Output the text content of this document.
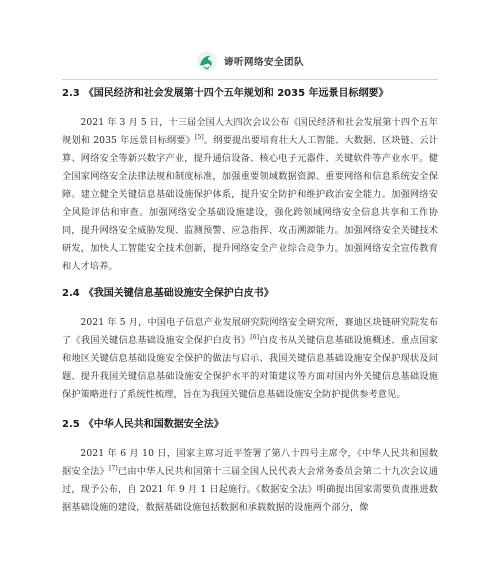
谛听网络安全团队
2.3 《国民经济和社会发展第十四个五年规划和 2035 年远景目标纲要》

2021 年 3 月 5 日，十三届全国人大四次会议公布《国民经济和社会发展第十四个五年规划和 2035 年远景目标纲要》[5]。纲要提出要培育壮大人工智能、大数据、区块链、云计算、网络安全等新兴数字产业，提升通信设备、核心电子元器件、关键软件等产业水平。健全国家网络安全法律法规和制度标准，加强重要领域数据资源、重要网络和信息系统安全保障。建立健全关键信息基础设施保护体系，提升安全防护和维护政治安全能力。加强网络安全风险评估和审查。加强网络安全基础设施建设，强化跨领域网络安全信息共享和工作协同，提升网络安全威胁发现、监测预警、应急指挥、攻击溯源能力。加强网络安全关键技术研发，加快人工智能安全技术创新，提升网络安全产业综合竞争力。加强网络安全宣传教育和人才培养。

2.4 《我国关键信息基础设施安全保护白皮书》

2021 年 5 月，中国电子信息产业发展研究院网络安全研究所，赛迪区块链研究院发布了《我国关键信息基础设施安全保护白皮书》[6]白皮书从关键信息基础设施概述、重点国家和地区关键信息基础设施安全保护的做法与启示、我国关键信息基础设施安全保护现状及问题、提升我国关键信息基础设施安全保护水平的对策建议等方面对国内外关键信息基础设施保护策略进行了系统性梳理，旨在为我国关键信息基础设施安全防护提供参考意见。

2.5 《中华人民共和国数据安全法》

2021 年 6 月 10 日，国家主席习近平签署了第八十四号主席令，《中华人民共和国数据安全法》[7]已由中华人民共和国第十三届全国人民代表大会常务委员会第二十九次会议通过，现予公布，自 2021 年 9 月 1 日起施行。《数据安全法》明确提出国家需要负责推进数据基础设施的建设，数据基础设施包括数据和承载数据的设施两个部分，像
